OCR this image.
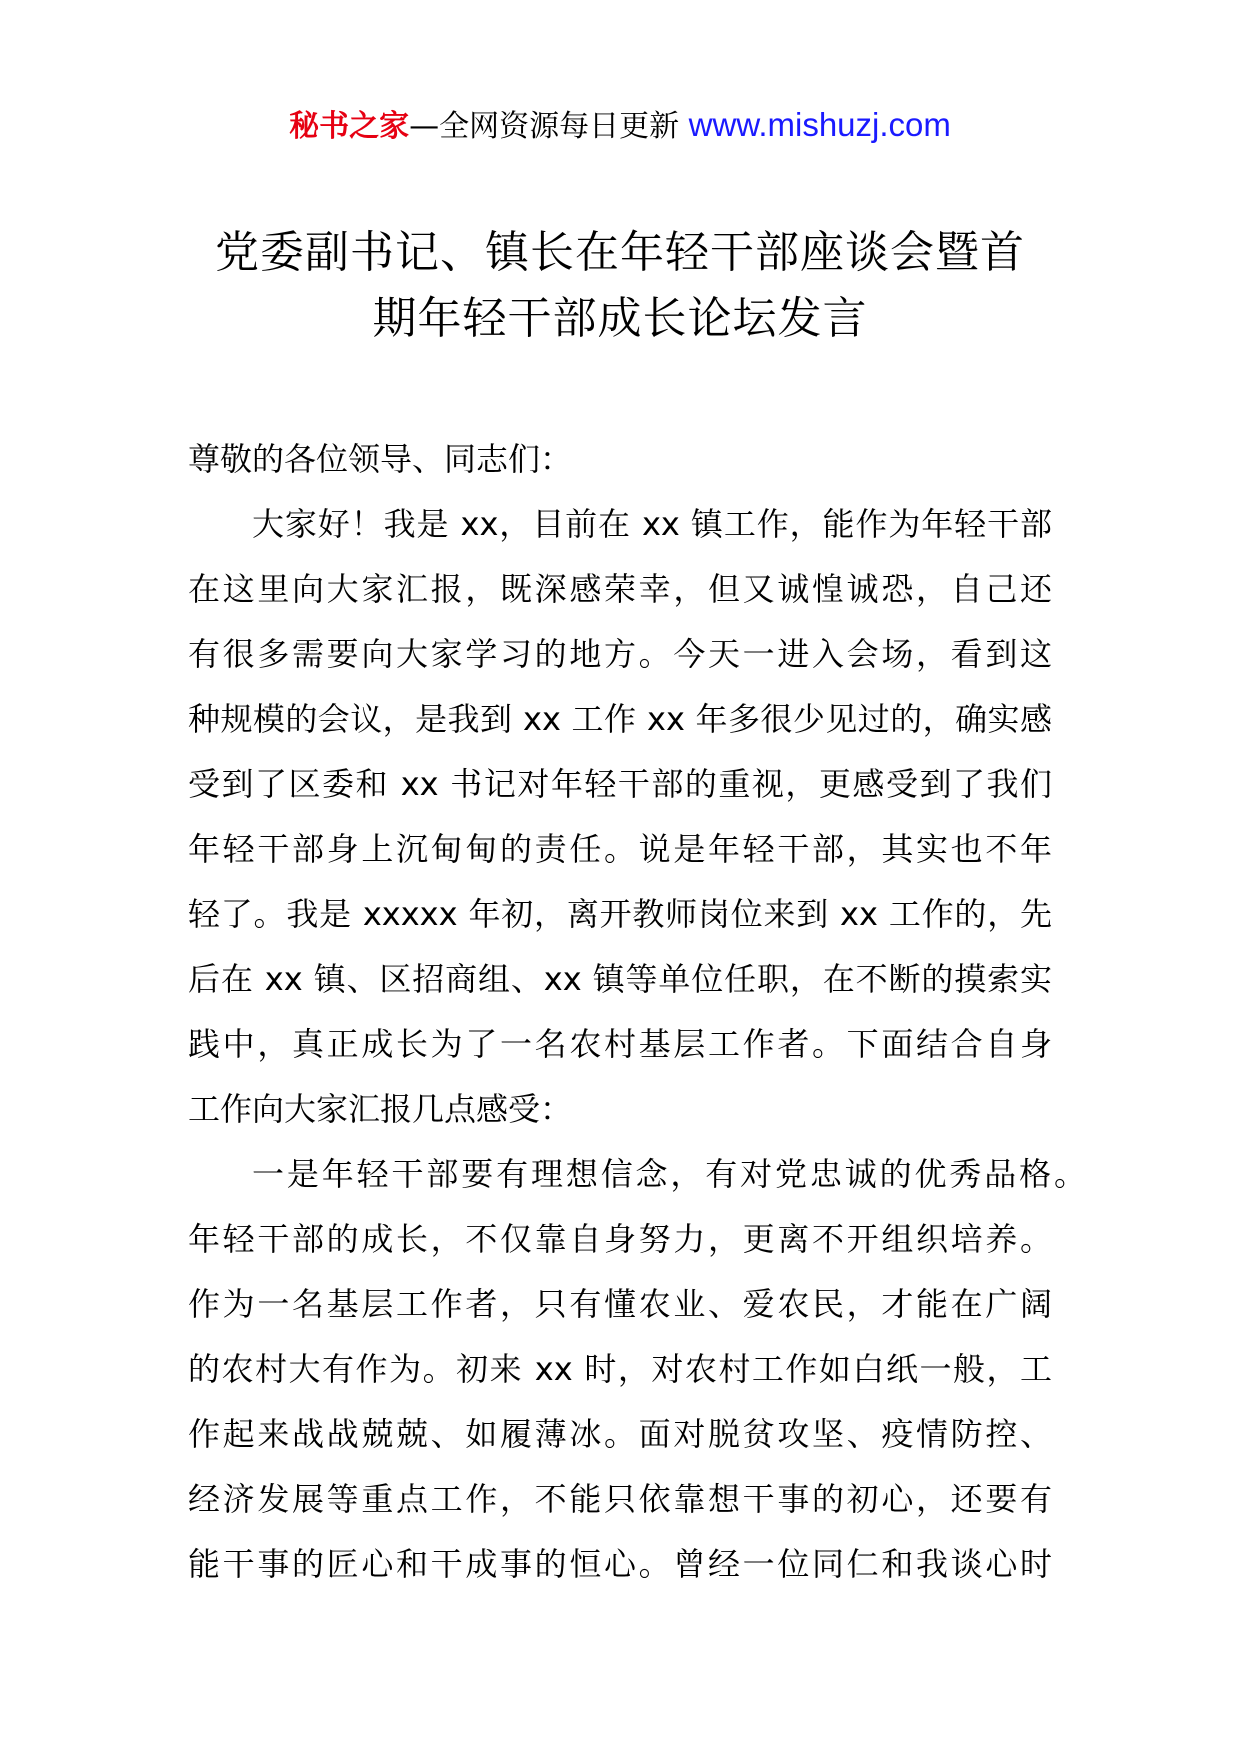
秘书之家—全网资源每日更新 www.mishuzj.com
党委副书记、镇长在年轻干部座谈会暨首
期年轻干部成长论坛发言
尊敬的各位领导、同志们：
大家好！我是 xx，目前在 xx 镇工作，能作为年轻干部
在这里向大家汇报，既深感荣幸，但又诚惶诚恐，自己还
有很多需要向大家学习的地方。今天一进入会场，看到这
种规模的会议，是我到 xx 工作 xx 年多很少见过的，确实感
受到了区委和 xx 书记对年轻干部的重视，更感受到了我们
年轻干部身上沉甸甸的责任。说是年轻干部，其实也不年
轻了。我是 xxxxx 年初，离开教师岗位来到 xx 工作的，先
后在 xx 镇、区招商组、xx 镇等单位任职，在不断的摸索实
践中，真正成长为了一名农村基层工作者。下面结合自身
工作向大家汇报几点感受：
一是年轻干部要有理想信念，有对党忠诚的优秀品格。
年轻干部的成长，不仅靠自身努力，更离不开组织培养。
作为一名基层工作者，只有懂农业、爱农民，才能在广阔
的农村大有作为。初来 xx 时，对农村工作如白纸一般，工
作起来战战兢兢、如履薄冰。面对脱贫攻坚、疫情防控、
经济发展等重点工作，不能只依靠想干事的初心，还要有
能干事的匠心和干成事的恒心。曾经一位同仁和我谈心时
